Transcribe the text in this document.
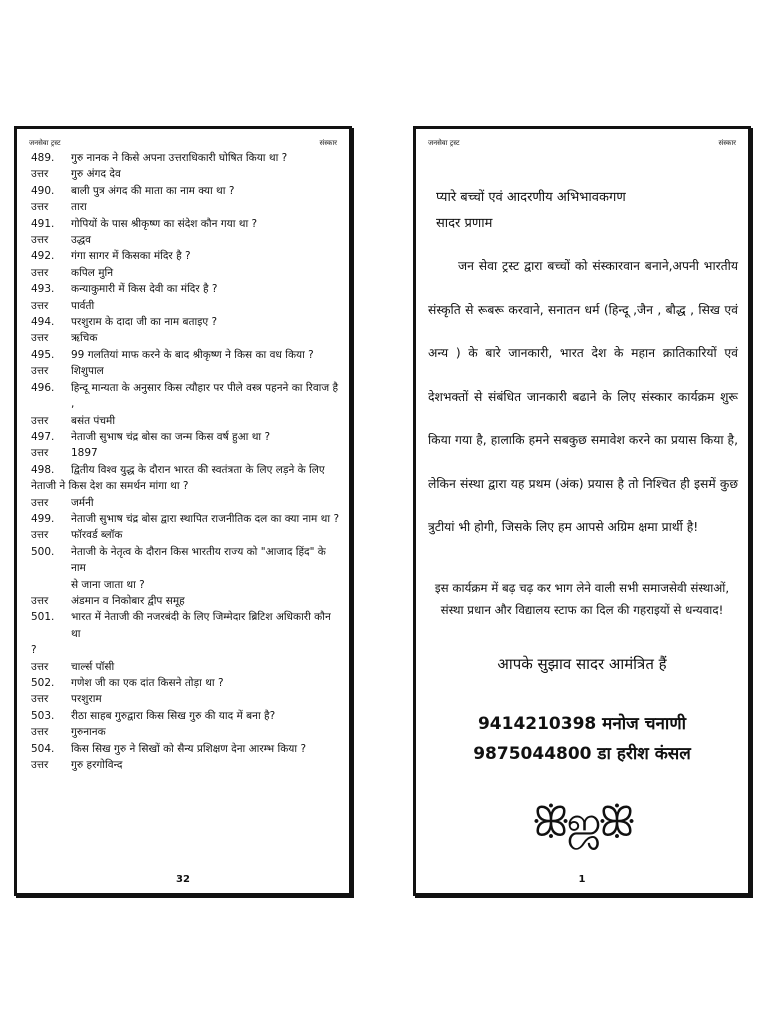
जनसेवा ट्रस्ट	संस्कार
489.	गुरु नानक ने किसे अपना उत्तराधिकारी घोषित किया था ?
उत्तर	गुरु अंगद देव
490.	बाली पुत्र अंगद की माता का नाम क्या था ?
उत्तर	तारा
491.	गोपियों के पास श्रीकृष्ण का संदेश कौन गया था ?
उत्तर	उद्धव
492.	गंगा सागर में किसका मंदिर है ?
उत्तर	कपिल मुनि
493.	कन्याकुमारी में किस देवी का मंदिर है ?
उत्तर	पार्वती
494.	परशुराम के दादा जी का नाम बताइए ?
उत्तर	ऋचिक
495.	99 गलतियां माफ करने के बाद श्रीकृष्ण ने किस का वध किया ?
उत्तर	शिशुपाल
496.	हिन्दू मान्यता के अनुसार किस त्यौहार पर पीले वस्त्र पहनने का रिवाज है ,
उत्तर	बसंत पंचमी
497.	नेताजी सुभाष चंद्र बोस का जन्म किस वर्ष हुआ था ?
उत्तर	1897
498.	द्वितीय विश्व युद्ध के दौरान भारत की स्वतंत्रता के लिए लड़ने के लिए
नेताजी ने किस देश का समर्थन मांगा था ?
उत्तर	जर्मनी
499.	नेताजी सुभाष चंद्र बोस द्वारा स्थापित राजनीतिक दल का क्या नाम था ?
उत्तर	फॉरवर्ड ब्लॉक
500.	नेताजी के नेतृत्व के दौरान किस भारतीय राज्य को "आजाद हिंद" के नाम
से जाना जाता था ?
उत्तर	अंडमान व निकोबार द्वीप समूह
501.	भारत में नेताजी की नजरबंदी के लिए जिम्मेदार ब्रिटिश अधिकारी कौन था
?
उत्तर	चार्ल्स पॉसी
502.	गणेश जी का एक दांत किसने तोड़ा था ?
उत्तर	परशुराम
503.	रीठा साहब गुरुद्वारा किस सिख गुरु की याद में बना है?
उत्तर	गुरुनानक
504.	किस सिख गुरु ने सिखों को सैन्य प्रशिक्षण देना आरम्भ किया ?
उत्तर	गुरु हरगोविन्द
32
जनसेवा ट्रस्ट	संस्कार
प्यारे बच्चों एवं आदरणीय अभिभावकगण
सादर प्रणाम
जन सेवा ट्रस्ट द्वारा बच्चों को संस्कारवान बनाने,अपनी भारतीय संस्कृति से रूबरू करवाने, सनातन धर्म (हिन्दू ,जैन , बौद्ध , सिख एवं अन्य ) के बारे जानकारी, भारत देश के महान क्रातिकारियों एवं देशभक्तों से संबंधित जानकारी बढाने के लिए संस्कार कार्यक्रम शुरू किया गया है, हालाकि हमने सबकुछ समावेश करने का प्रयास किया है, लेकिन संस्था द्वारा यह प्रथम (अंक) प्रयास है तो निश्चित ही इसमें कुछ त्रुटीयां भी होगी, जिसके लिए हम आपसे अग्रिम क्षमा प्रार्थी है!
इस कार्यक्रम में बढ़ चढ़ कर भाग लेने वाली सभी समाजसेवी संस्थाओं,
संस्था प्रधान और विद्यालय स्टाफ का दिल की गहराइयों से धन्यवाद!
आपके सुझाव सादर आमंत्रित हैं
9414210398 मनोज चनाणी
9875044800 डा हरीश कंसल
ꕥஜꕥ
1
